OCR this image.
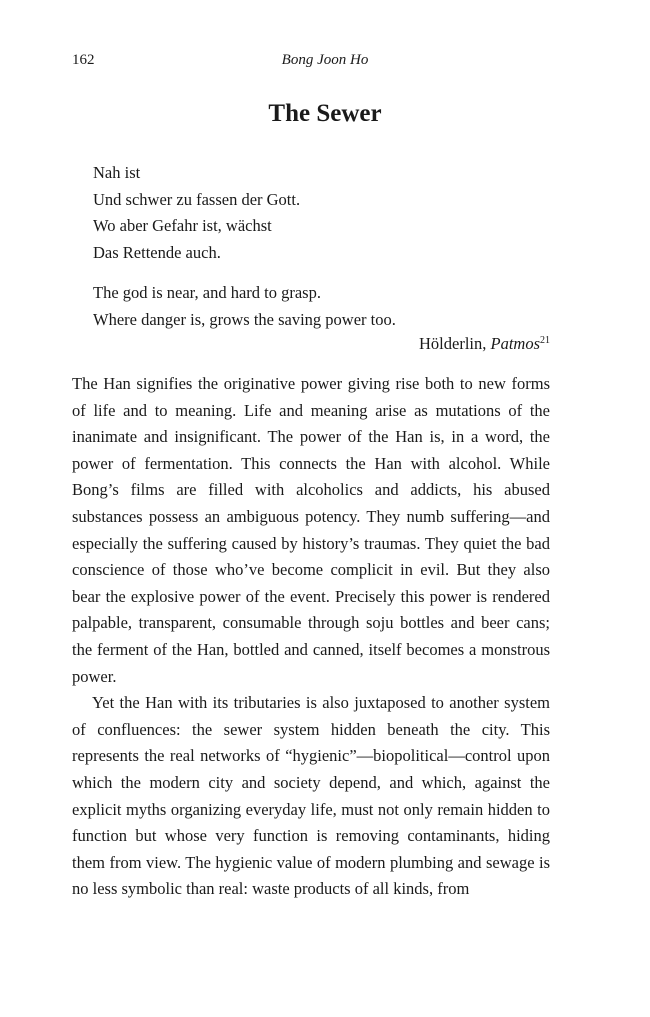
162	Bong Joon Ho
The Sewer
Nah ist
Und schwer zu fassen der Gott.
Wo aber Gefahr ist, wächst
Das Rettende auch.
The god is near, and hard to grasp.
Where danger is, grows the saving power too.
Hölderlin, Patmos$^{21}$

The Han signifies the originative power giving rise both to new forms of life and to meaning. Life and meaning arise as mutations of the inanimate and insignificant. The power of the Han is, in a word, the power of fermentation. This connects the Han with alcohol. While Bong’s films are filled with alcoholics and addicts, his abused substances possess an ambiguous potency. They numb suffering—and especially the suffering caused by history’s traumas. They quiet the bad conscience of those who’ve become complicit in evil. But they also bear the explosive power of the event. Precisely this power is rendered palpable, transparent, consumable through soju bottles and beer cans; the ferment of the Han, bottled and canned, itself becomes a monstrous power.

Yet the Han with its tributaries is also juxtaposed to another system of confluences: the sewer system hidden beneath the city. This represents the real networks of “hygienic”—biopolitical—control upon which the modern city and society depend, and which, against the explicit myths organizing everyday life, must not only remain hidden to function but whose very function is removing contaminants, hiding them from view. The hygienic value of modern plumbing and sewage is no less symbolic than real: waste products of all kinds, from
